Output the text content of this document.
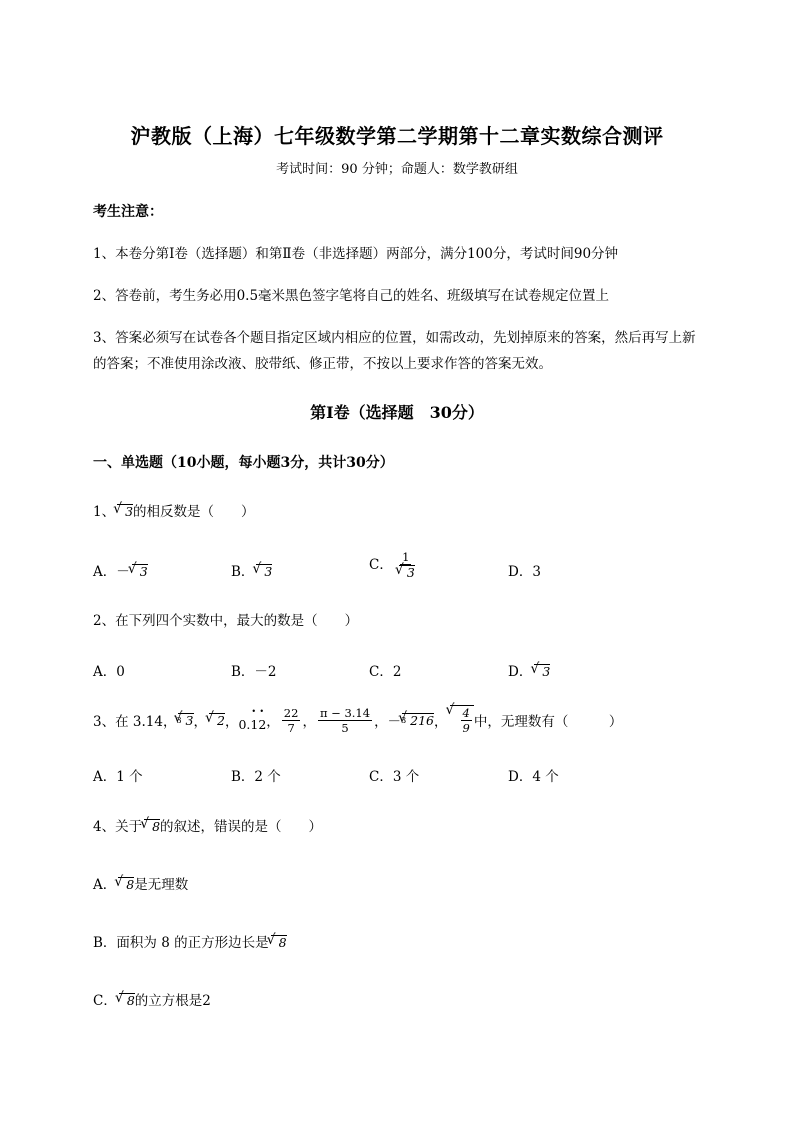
沪教版（上海）七年级数学第二学期第十二章实数综合测评
考试时间：90 分钟；命题人：数学教研组
考生注意：
1、本卷分第Ⅰ卷（选择题）和第Ⅱ卷（非选择题）两部分，满分100分，考试时间90分钟
2、答卷前，考生务必用0.5毫米黑色签字笔将自己的姓名、班级填写在试卷规定位置上
3、答案必须写在试卷各个题目指定区域内相应的位置，如需改动，先划掉原来的答案，然后再写上新
的答案；不准使用涂改液、胶带纸、修正带，不按以上要求作答的答案无效。
第Ⅰ卷（选择题　30分）
一、单选题（10小题，每小题3分，共计30分）
1、 √ 3的相反数是（　　）
A．－ √ 3	B． √ 3	C． 1
√ 3	D．3
2、在下列四个实数中，最大的数是（　　）
A．0	B．－2	C．2	D． √ 3
3、在 3.14， 3 √ 3 ， √ 2 ， 0.1 •2 • ， $\frac{22}{7}$ ， $\frac{\pi - 3.14}{5}$ ，－ 3 √ 216 ， √ $\frac{4}{9}$ 中，无理数有（　　　）
A．1 个	B．2 个	C．3 个	D．4 个
4、关于 √ 8的叙述，错误的是（　　）
A． √ 8是无理数
B．面积为 8 的正方形边长是 √ 8
C． √ 8的立方根是2
